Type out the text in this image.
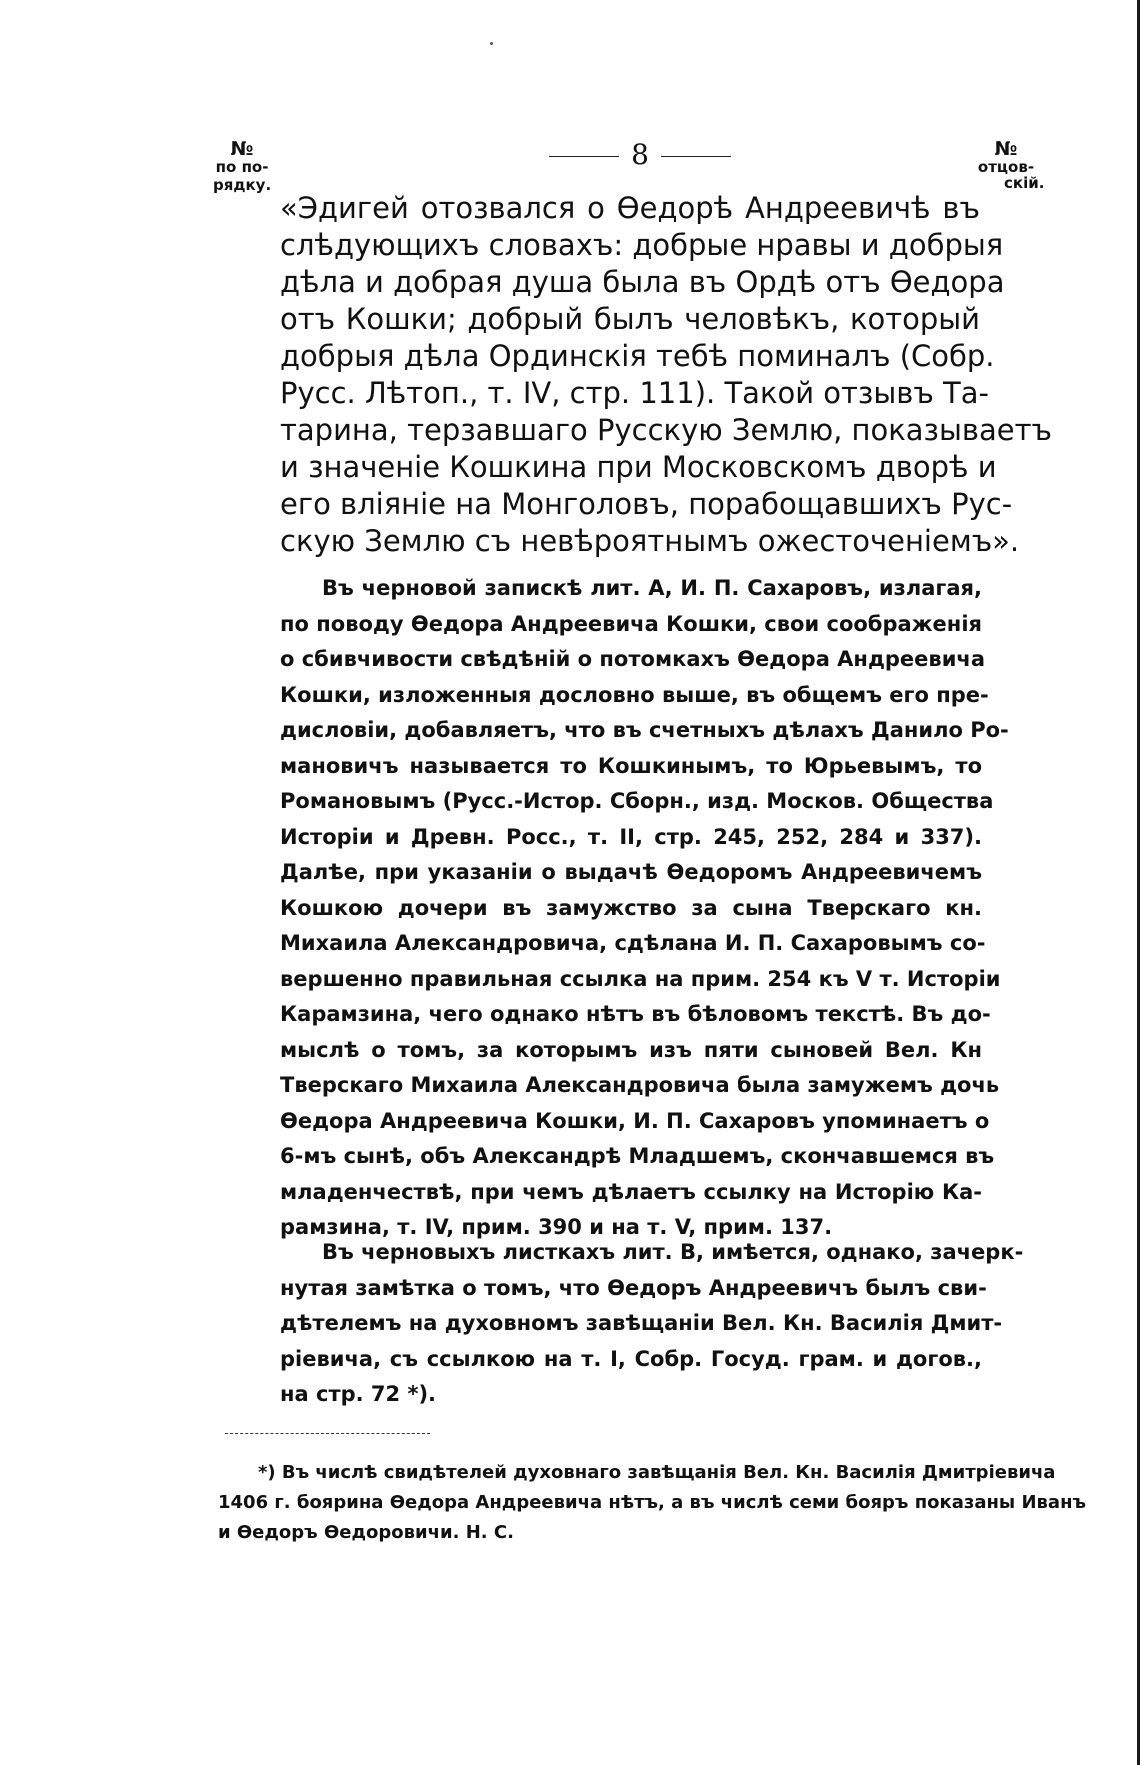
№
по по-
рядку.
8	№
отцов-
скій.
«Эдигей отозвался о Өедорѣ Андреевичѣ въ
слѣдующихъ словахъ: добрые нравы и добрыя
дѣла и добрая душа была въ Ордѣ отъ Өедора
отъ Кошки; добрый былъ человѣкъ, который
добрыя дѣла Ординскія тебѣ поминалъ (Собр.
Русс. Лѣтоп., т. IV, стр. 111). Такой отзывъ Та-
тарина, терзавшаго Русскую Землю, показываетъ
и значеніе Кошкина при Московскомъ дворѣ и
его вліяніе на Монголовъ, порабощавшихъ Рус-
скую Землю съ невѣроятнымъ ожесточеніемъ».
Въ черновой запискѣ лит. А, И. П. Сахаровъ, излагая,
по поводу Өедора Андреевича Кошки, свои соображенія
о сбивчивости свѣдѣній о потомкахъ Өедора Андреевича
Кошки, изложенныя дословно выше, въ общемъ его пре-
дисловіи, добавляетъ, что въ счетныхъ дѣлахъ Данило Ро-
мановичъ называется то Кошкинымъ, то Юрьевымъ, то
Романовымъ (Русс.-Истор. Сборн., изд. Москов. Общества
Исторіи и Древн. Росс., т. II, стр. 245, 252, 284 и 337).
Далѣе, при указаніи о выдачѣ Өедоромъ Андреевичемъ
Кошкою дочери въ замужство за сына Тверскаго кн.
Михаила Александровича, сдѣлана И. П. Сахаровымъ со-
вершенно правильная ссылка на прим. 254 къ V т. Исторіи
Карамзина, чего однако нѣтъ въ бѣловомъ текстѣ. Въ до-
мыслѣ о томъ, за которымъ изъ пяти сыновей Вел. Кн
Тверскаго Михаила Александровича была замужемъ дочь
Өедора Андреевича Кошки, И. П. Сахаровъ упоминаетъ о
6-мъ сынѣ, объ Александрѣ Младшемъ, скончавшемся въ
младенчествѣ, при чемъ дѣлаетъ ссылку на Исторію Ка-
рамзина, т. IV, прим. 390 и на т. V, прим. 137.
Въ черновыхъ листкахъ лит. В, имѣется, однако, зачерк-
нутая замѣтка о томъ, что Өедоръ Андреевичъ былъ сви-
дѣтелемъ на духовномъ завѣщаніи Вел. Кн. Василія Дмит-
ріевича, съ ссылкою на т. I, Собр. Госуд. грам. и догов.,
на стр. 72 *).
*) Въ числѣ свидѣтелей духовнаго завѣщанія Вел. Кн. Василія Дмитріевича
1406 г. боярина Өедора Андреевича нѣтъ, а въ числѣ семи бояръ показаны Иванъ
и Өедоръ Өедоровичи. Н. С.
